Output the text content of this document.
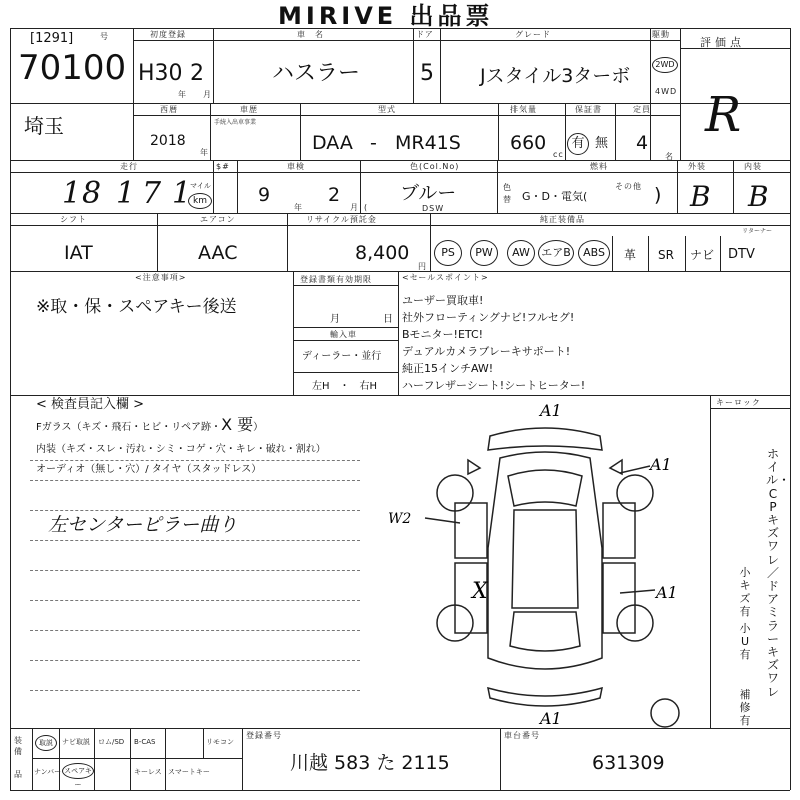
MIRIVE 出品票
[1291]	号
70100
初度登録
H30 2
年 月
車　名
ハスラー
ドア
5
グレード
Jスタイル3ターボ
駆動
2WD
4WD
評価点
R
埼玉
西暦
2018
年
車歴
手続入出車事業
型式
DAA - MR41S
排気量
660
cc
保証書
有 無
定員
4
名
走行
1 8 1 7 1
マイル
km
$#	車検
9
年
2
月
色(Col.No)
ブルー
DSW
(
燃料
色替 G・D・電気(
その他 )
外装
B
内装
B
シフト
IAT
エアコン
AAC
リサイクル預託金
8,400
円
純正装備品
リターナー
PS	PW	AW	エアB	ABS	革 SR ナビ DTV
<注意事項>
※取・保・スペアキー後送
登録書類有効期限
月	日
輸入車
ディーラー・並行
左H　・　右H
<セールスポイント>
ユーザー買取車!
社外フローティングナビ!フルセグ!
Bモニター!ETC!
デュアルカメラブレーキサポート!
純正15インチAW!
ハーフレザーシート!シートヒーター!
< 検査員記入欄 >
Fガラス（キズ・飛石・ヒビ・リペア跡・X 要）
内装（キズ・スレ・汚れ・シミ・コゲ・穴・キレ・破れ・割れ）
オーディオ（無し・穴）/ タイヤ（スタッドレス）
左センターピラー曲り
A1
A1
W2
X	A1
A1
キーロック
ホイル・CPキズワレ／ドアミラーキズワレ
小キズ有
小U有
補修有
装備
品
取説	ナビ取説 ロム/SD B-CAS	リモコン
ナンバー スペアキー
キーレス スマートキー
登録番号
川越 583 た 2115
車台番号
631309
